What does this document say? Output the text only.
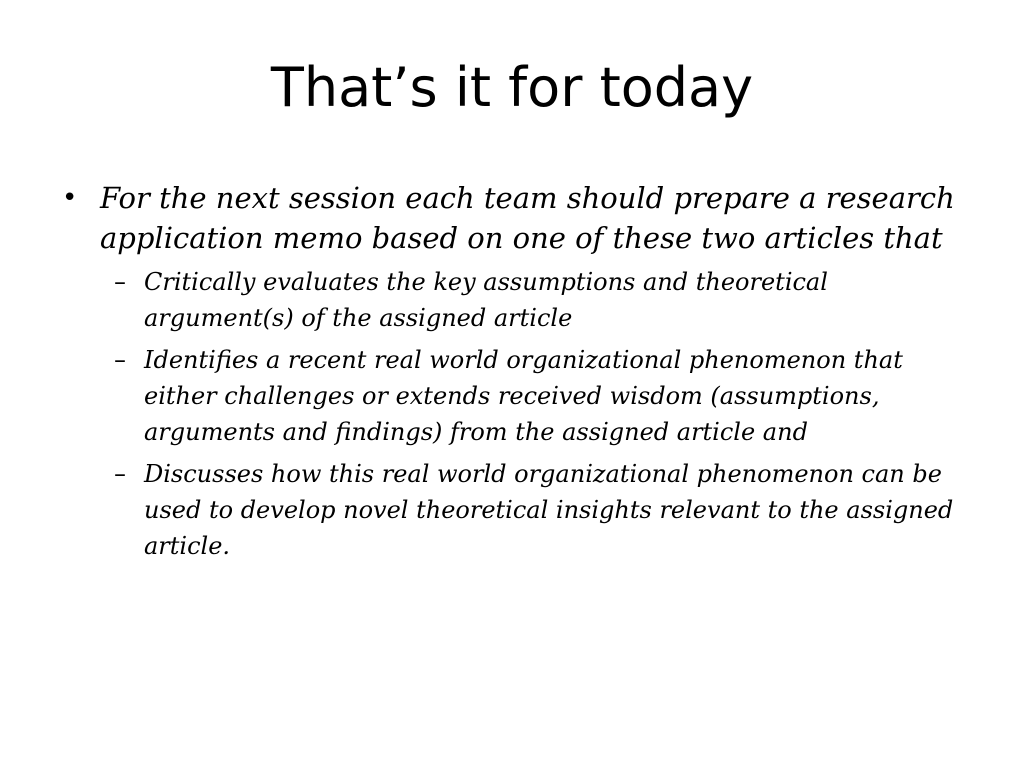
That’s it for today
• For the next session each team should prepare a research application memo based on one of these two articles that
– Critically evaluates the key assumptions and theoretical argument(s) of the assigned article
– Identifies a recent real world organizational phenomenon that either challenges or extends received wisdom (assumptions, arguments and findings) from the assigned article and
– Discusses how this real world organizational phenomenon can be used to develop novel theoretical insights relevant to the assigned article.
